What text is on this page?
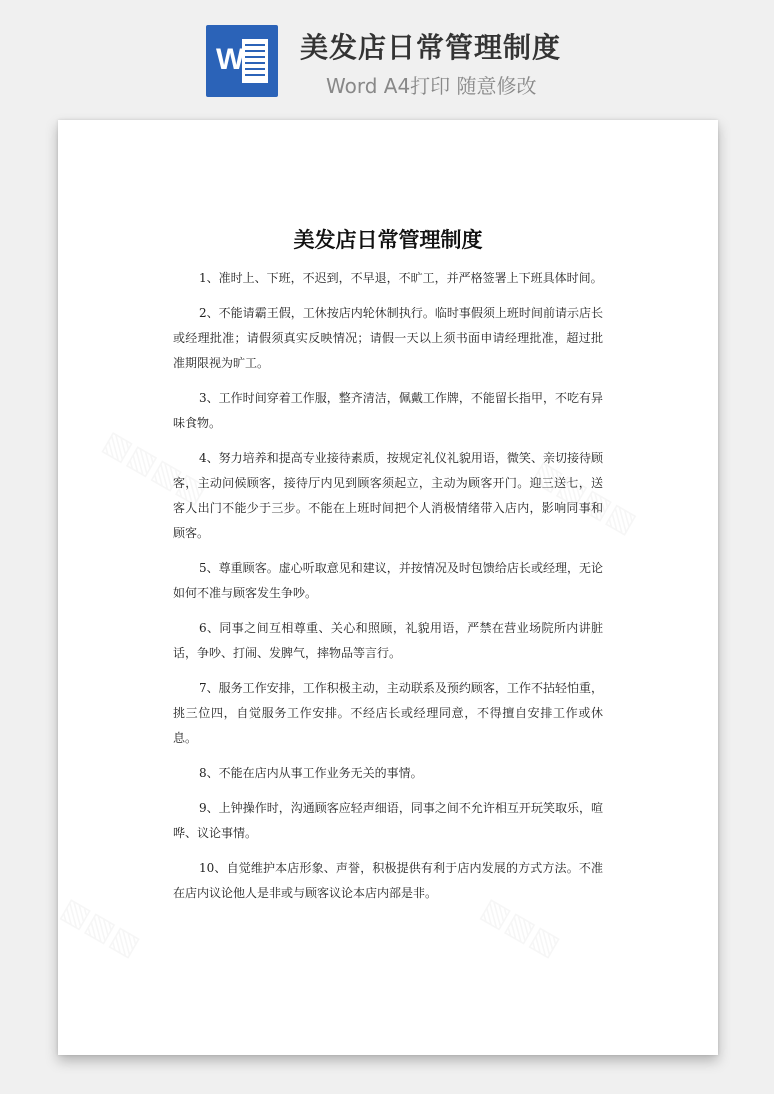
W 美发店日常管理制度
Word A4打印 随意修改
美发店日常管理制度

1、准时上、下班，不迟到，不早退，不旷工，并严格签署上下班具体时间。

2、不能请霸王假，工休按店内轮休制执行。临时事假须上班时间前请示店长或经理批准；请假须真实反映情况；请假一天以上须书面申请经理批准，超过批准期限视为旷工。

3、工作时间穿着工作服，整齐清洁，佩戴工作牌，不能留长指甲，不吃有异味食物。

4、努力培养和提高专业接待素质，按规定礼仪礼貌用语，微笑、亲切接待顾客，主动问候顾客，接待厅内见到顾客须起立，主动为顾客开门。迎三送七，送客人出门不能少于三步。不能在上班时间把个人消极情绪带入店内，影响同事和顾客。

5、尊重顾客。虚心听取意见和建议，并按情况及时包馈给店长或经理，无论如何不准与顾客发生争吵。

6、同事之间互相尊重、关心和照顾，礼貌用语，严禁在营业场院所内讲脏话，争吵、打闹、发脾气，摔物品等言行。

7、服务工作安排，工作积极主动，主动联系及预约顾客，工作不拈轻怕重，挑三位四，自觉服务工作安排。不经店长或经理同意，不得擅自安排工作或休息。

8、不能在店内从事工作业务无关的事情。

9、上钟操作时，沟通顾客应轻声细语，同事之间不允许相互开玩笑取乐，喧哗、议论事情。

10、自觉维护本店形象、声誉，积极提供有利于店内发展的方式方法。不准在店内议论他人是非或与顾客议论本店内部是非。
